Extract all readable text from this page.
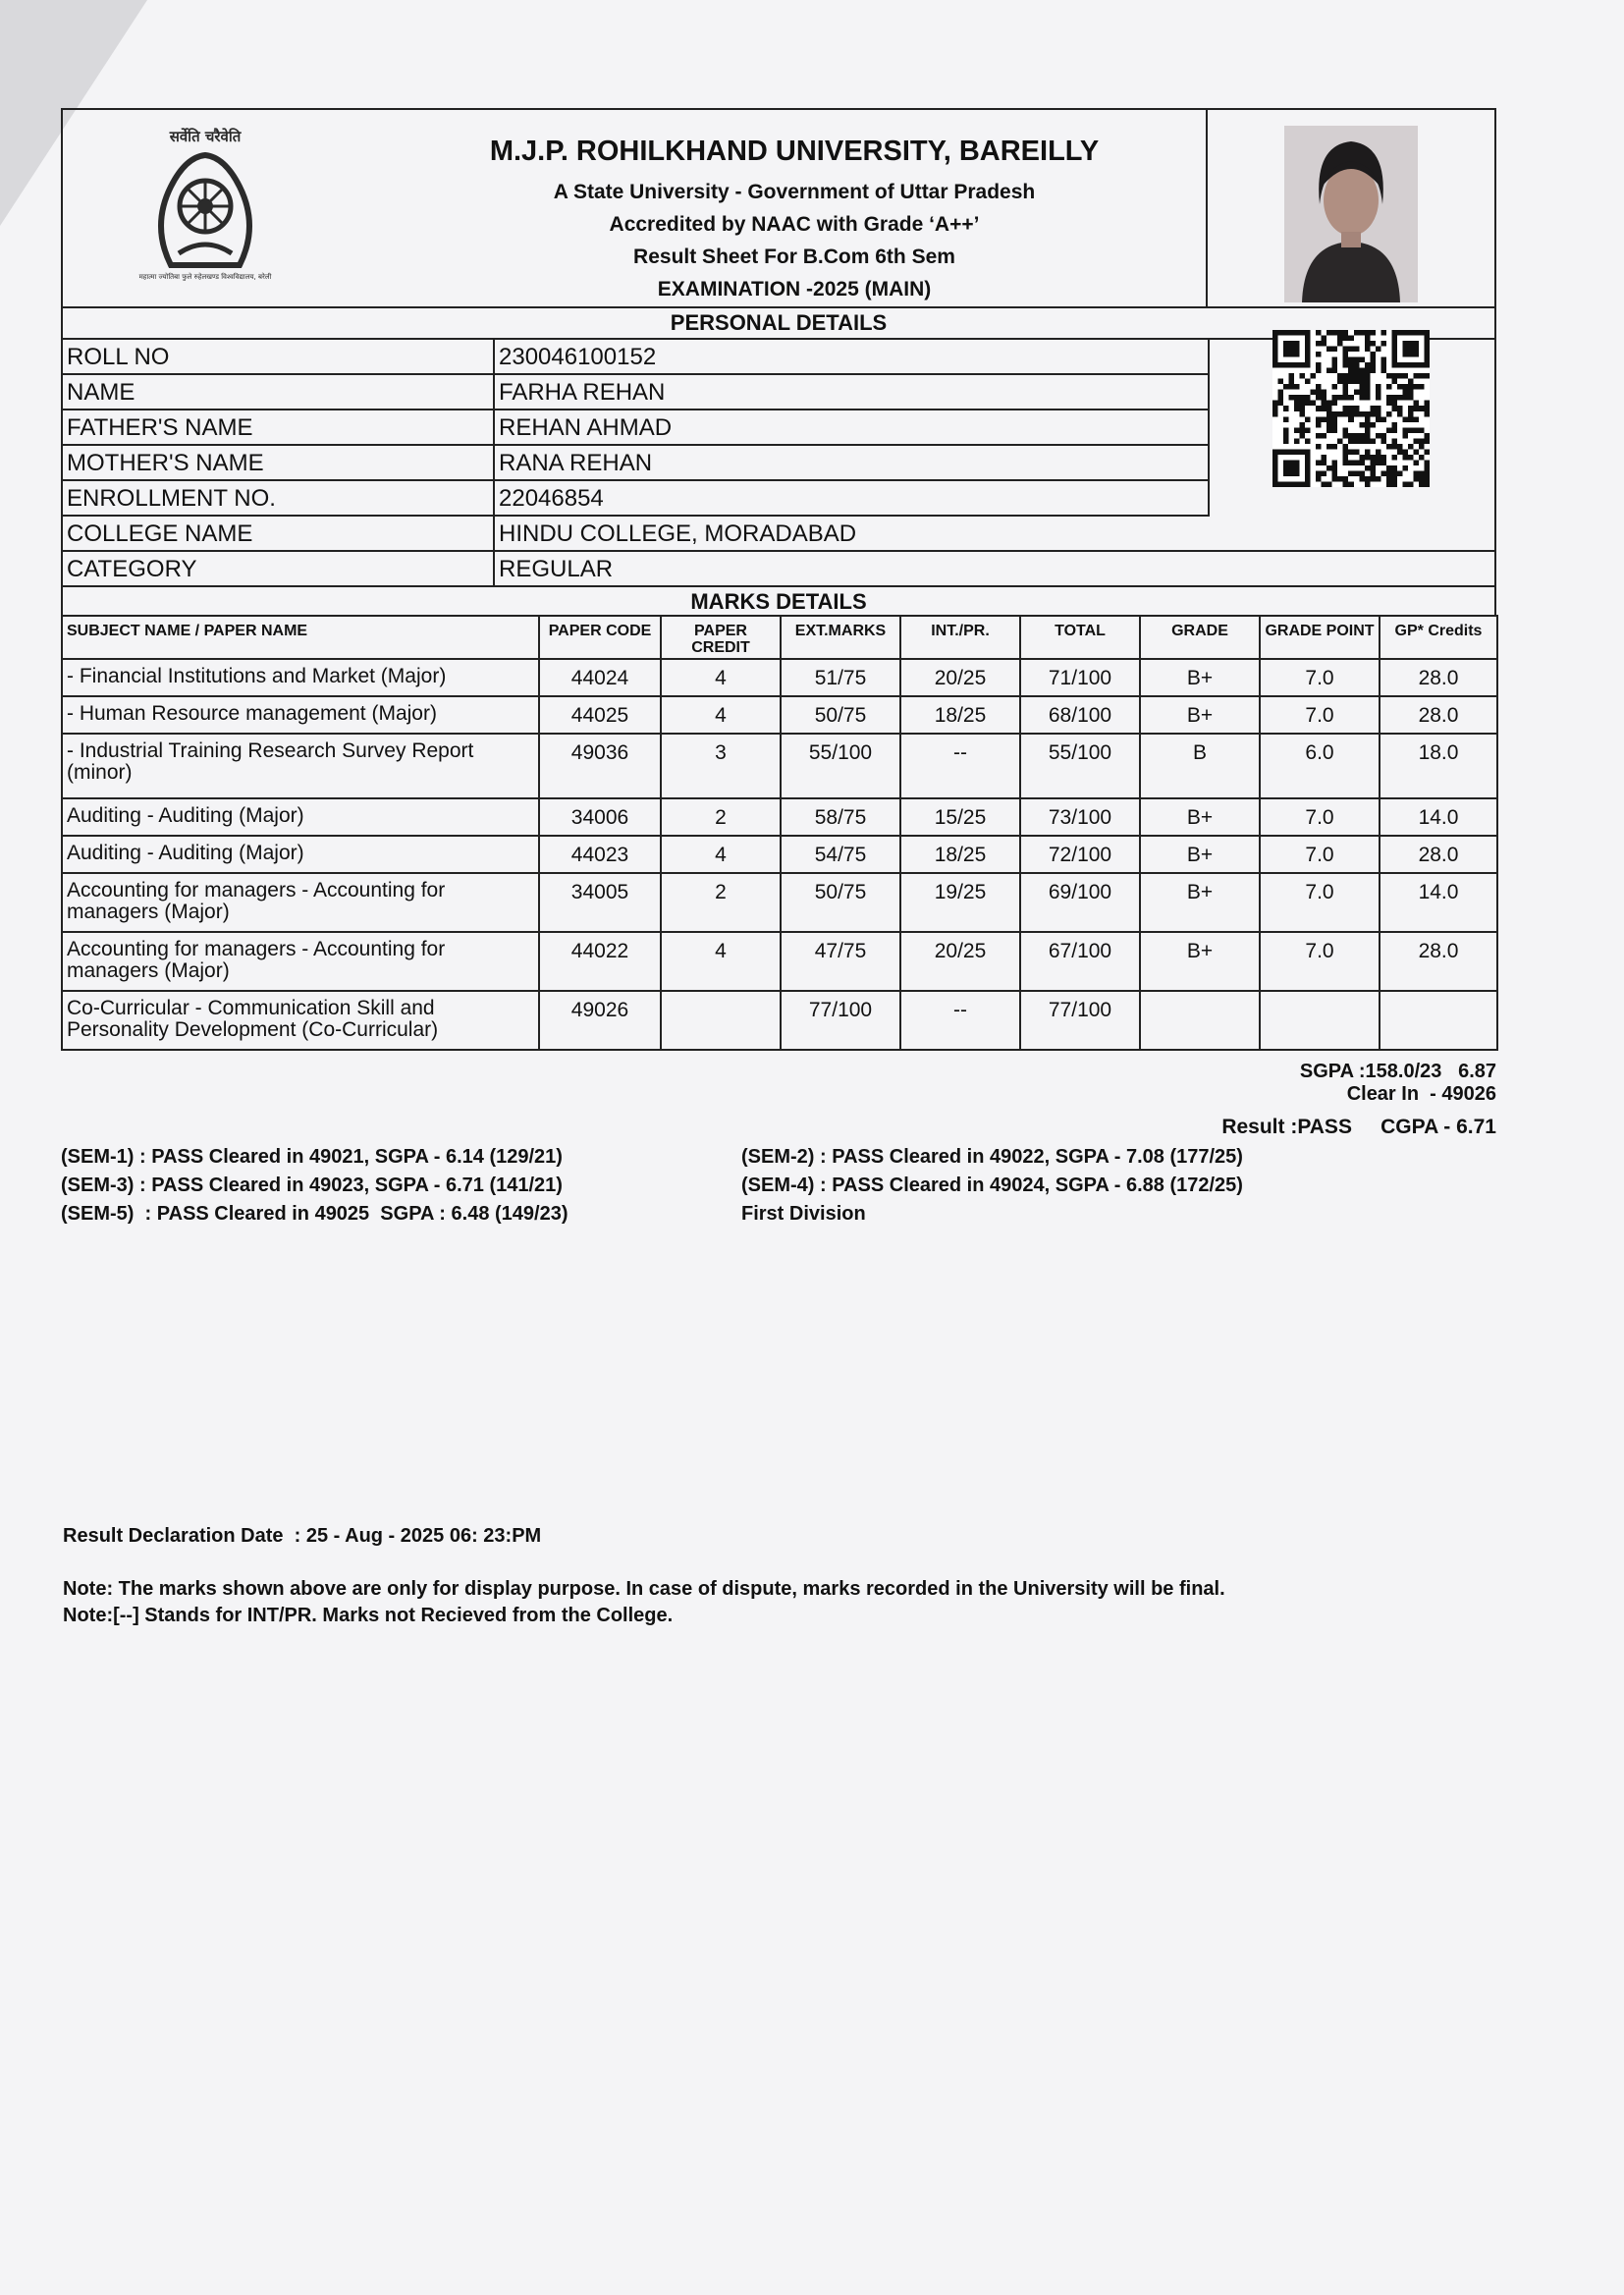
सर्वेति चरैवेति
महात्मा ज्योतिबा फुले रुहेलखण्ड विश्वविद्यालय, बरेली
M.J.P. ROHILKHAND UNIVERSITY, BAREILLY
A State University - Government of Uttar Pradesh
Accredited by NAAC with Grade ‘A++’
Result Sheet For B.Com 6th Sem
EXAMINATION -2025 (MAIN)
PERSONAL DETAILS
ROLL NO	230046100152
NAME	FARHA REHAN
FATHER'S NAME	REHAN AHMAD
MOTHER'S NAME	RANA REHAN
ENROLLMENT NO.	22046854
COLLEGE NAME	HINDU COLLEGE, MORADABAD
CATEGORY	REGULAR
MARKS DETAILS
SUBJECT NAME / PAPER NAME	PAPER CODE	PAPER CREDIT	EXT.MARKS	INT./PR.	TOTAL	GRADE	GRADE POINT	GP* Credits
- Financial Institutions and Market (Major)	44024	4	51/75	20/25	71/100	B+	7.0	28.0
- Human Resource management (Major)	44025	4	50/75	18/25	68/100	B+	7.0	28.0
- Industrial Training Research Survey Report (minor)	49036	3	55/100	--	55/100	B	6.0	18.0
Auditing - Auditing (Major)	34006	2	58/75	15/25	73/100	B+	7.0	14.0
Auditing - Auditing (Major)	44023	4	54/75	18/25	72/100	B+	7.0	28.0
Accounting for managers - Accounting for managers (Major)	34005	2	50/75	19/25	69/100	B+	7.0	14.0
Accounting for managers - Accounting for managers (Major)	44022	4	47/75	20/25	67/100	B+	7.0	28.0
Co-Curricular - Communication Skill and Personality Development (Co-Curricular)	49026		77/100	--	77/100			
SGPA :158.0/23   6.87
Clear In  - 49026
Result :PASS     CGPA - 6.71
(SEM-1) : PASS Cleared in 49021, SGPA - 6.14 (129/21)
(SEM-3) : PASS Cleared in 49023, SGPA - 6.71 (141/21)
(SEM-5)  : PASS Cleared in 49025  SGPA : 6.48 (149/23)
(SEM-2) : PASS Cleared in 49022, SGPA - 7.08 (177/25)
(SEM-4) : PASS Cleared in 49024, SGPA - 6.88 (172/25)
First Division
Result Declaration Date  : 25 - Aug - 2025 06: 23:PM
Note: The marks shown above are only for display purpose. In case of dispute, marks recorded in the University will be final.
Note:[--] Stands for INT/PR. Marks not Recieved from the College.
